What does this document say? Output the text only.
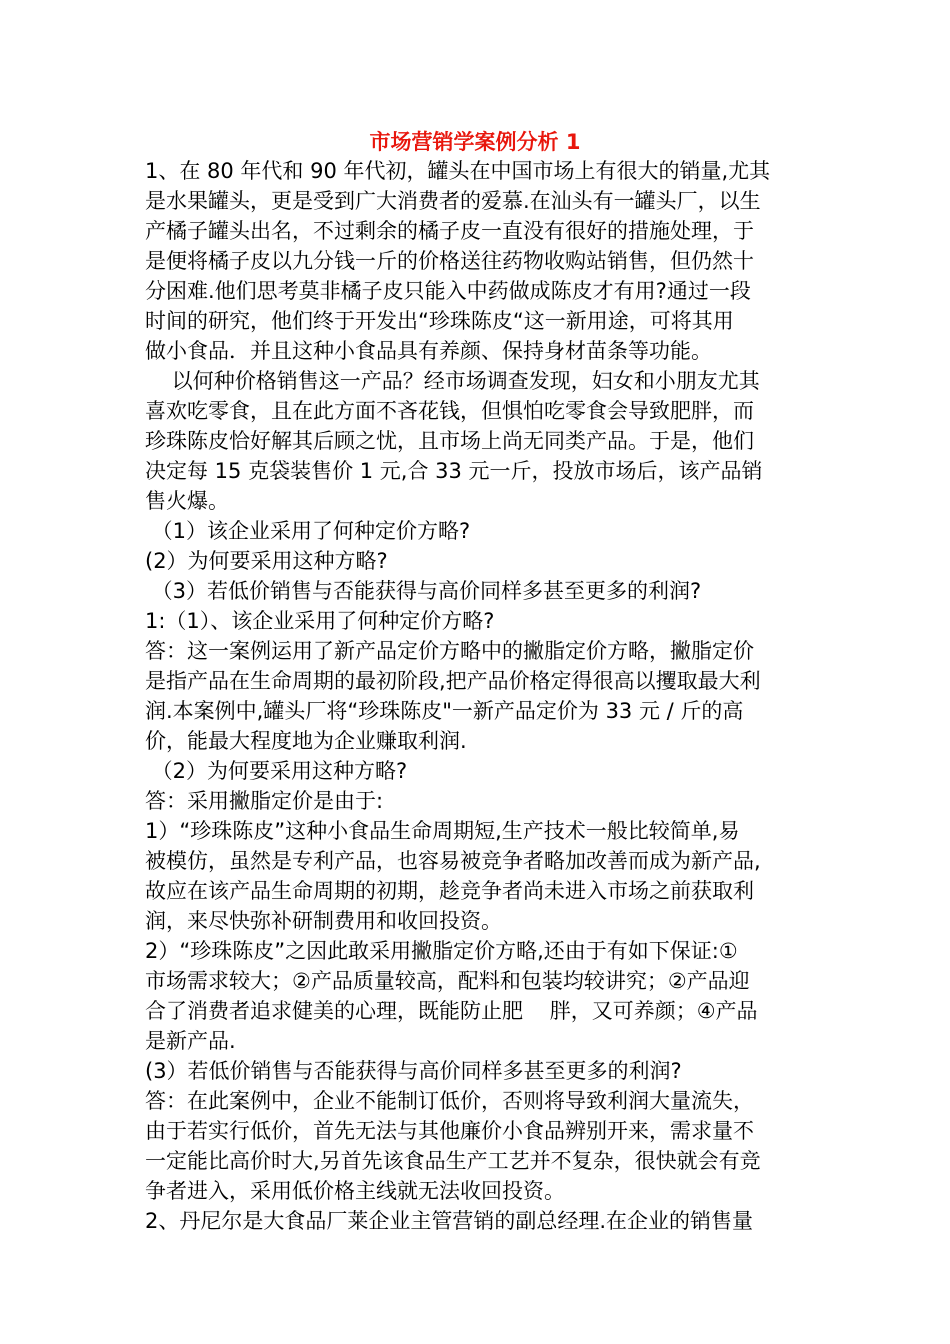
市场营销学案例分析 1
1、在 80 年代和 90 年代初，罐头在中国市场上有很大的销量,尤其
是水果罐头，更是受到广大消费者的爱慕.在汕头有一罐头厂，以生
产橘子罐头出名，不过剩余的橘子皮一直没有很好的措施处理，于
是便将橘子皮以九分钱一斤的价格送往药物收购站销售，但仍然十
分困难.他们思考莫非橘子皮只能入中药做成陈皮才有用?通过一段
时间的研究，他们终于开发出“珍珠陈皮“这一新用途，可将其用
做小食品．并且这种小食品具有养颜、保持身材苗条等功能。
以何种价格销售这一产品？经市场调查发现，妇女和小朋友尤其
喜欢吃零食，且在此方面不吝花钱，但惧怕吃零食会导致肥胖，而
珍珠陈皮恰好解其后顾之忧，且市场上尚无同类产品。于是，他们
决定每 15 克袋装售价 1 元,合 33 元一斤，投放市场后，该产品销
售火爆。
（1）该企业采用了何种定价方略?
(2）为何要采用这种方略?
（3）若低价销售与否能获得与高价同样多甚至更多的利润?
1:（1）、该企业采用了何种定价方略?
答：这一案例运用了新产品定价方略中的撇脂定价方略，撇脂定价
是指产品在生命周期的最初阶段,把产品价格定得很高以攫取最大利
润.本案例中,罐头厂将“珍珠陈皮"一新产品定价为 33 元 / 斤的高
价，能最大程度地为企业赚取利润.
（2）为何要采用这种方略?
答：采用撇脂定价是由于:
1）“珍珠陈皮”这种小食品生命周期短,生产技术一般比较简单,易
被模仿，虽然是专利产品，也容易被竞争者略加改善而成为新产品,
故应在该产品生命周期的初期，趁竞争者尚未进入市场之前获取利
润，来尽快弥补研制费用和收回投资。
2）“珍珠陈皮”之因此敢采用撇脂定价方略,还由于有如下保证:①
市场需求较大；②产品质量较高，配料和包装均较讲究；②产品迎
合了消费者追求健美的心理，既能防止肥    胖，又可养颜；④产品
是新产品.
(3）若低价销售与否能获得与高价同样多甚至更多的利润?
答：在此案例中，企业不能制订低价，否则将导致利润大量流失，
由于若实行低价，首先无法与其他廉价小食品辨别开来，需求量不
一定能比高价时大,另首先该食品生产工艺并不复杂，很快就会有竞
争者进入，采用低价格主线就无法收回投资。
2、丹尼尔是大食品厂莱企业主管营销的副总经理.在企业的销售量
